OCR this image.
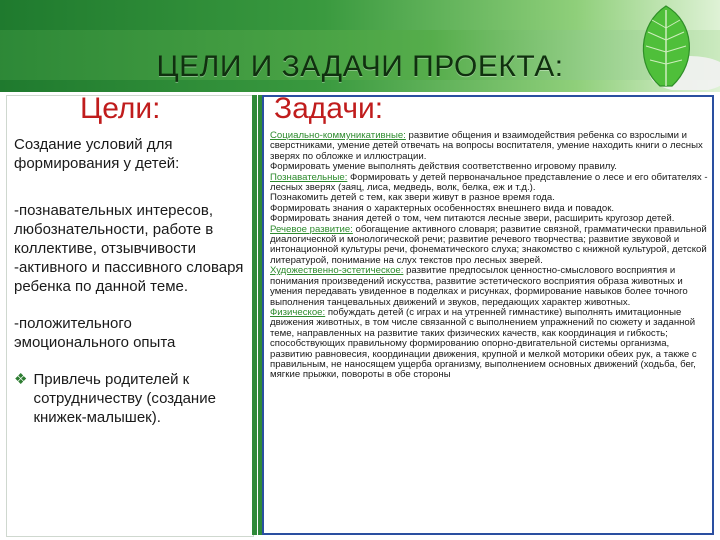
ЦЕЛИ И ЗАДАЧИ ПРОЕКТА:
Цели:	Задачи:

Создание условий для формирования у детей:

-познавательных интересов, любознательности, работе в коллективе, отзывчивости -активного и пассивного словаря ребенка по данной теме.

-положительного эмоционального опыта

❖ Привлечь родителей к сотрудничеству (создание книжек-малышек).

Социально-коммуникативные: развитие общения и взаимодействия ребенка со взрослыми и сверстниками, умение детей отвечать на вопросы воспитателя, умение находить книги о лесных зверях по обложке и иллюстрации.

Формировать умение выполнять действия соответственно игровому правилу.

Познавательные: Формировать у детей первоначальное представление о лесе и его обитателях - лесных зверях (заяц, лиса, медведь, волк, белка, еж и т.д.).

Познакомить детей с тем, как звери живут в разное время года.

Формировать знания о характерных особенностях внешнего вида и повадок.

Формировать знания детей о том, чем питаются лесные звери, расширить кругозор детей.

Речевое развитие: обогащение активного словаря; развитие связной, грамматически правильной диалогической и монологической речи; развитие речевого творчества; развитие звуковой и интонационной культуры речи, фонематического слуха; знакомство с книжной культурой, детской литературой, понимание на слух текстов про лесных зверей.

Художественно-эстетическое: развитие предпосылок ценностно-смыслового восприятия и понимания произведений искусства, развитие эстетического восприятия образа животных и умения передавать увиденное в поделках и рисунках, формирование навыков более точного выполнения танцевальных движений и звуков, передающих характер животных.

Физическое: побуждать детей (с играх и на утренней гимнастике) выполнять имитационные движения животных, в том числе связанной с выполнением упражнений по сюжету и заданной теме, направленных на развитие таких физических качеств, как координация и гибкость; способствующих правильному формированию опорно-двигательной системы организма, развитию равновесия, координации движения, крупной и мелкой моторики обеих рук, а также с правильным, не наносящем ущерба организму, выполнением основных движений (ходьба, бег, мягкие прыжки, повороты в обе стороны
